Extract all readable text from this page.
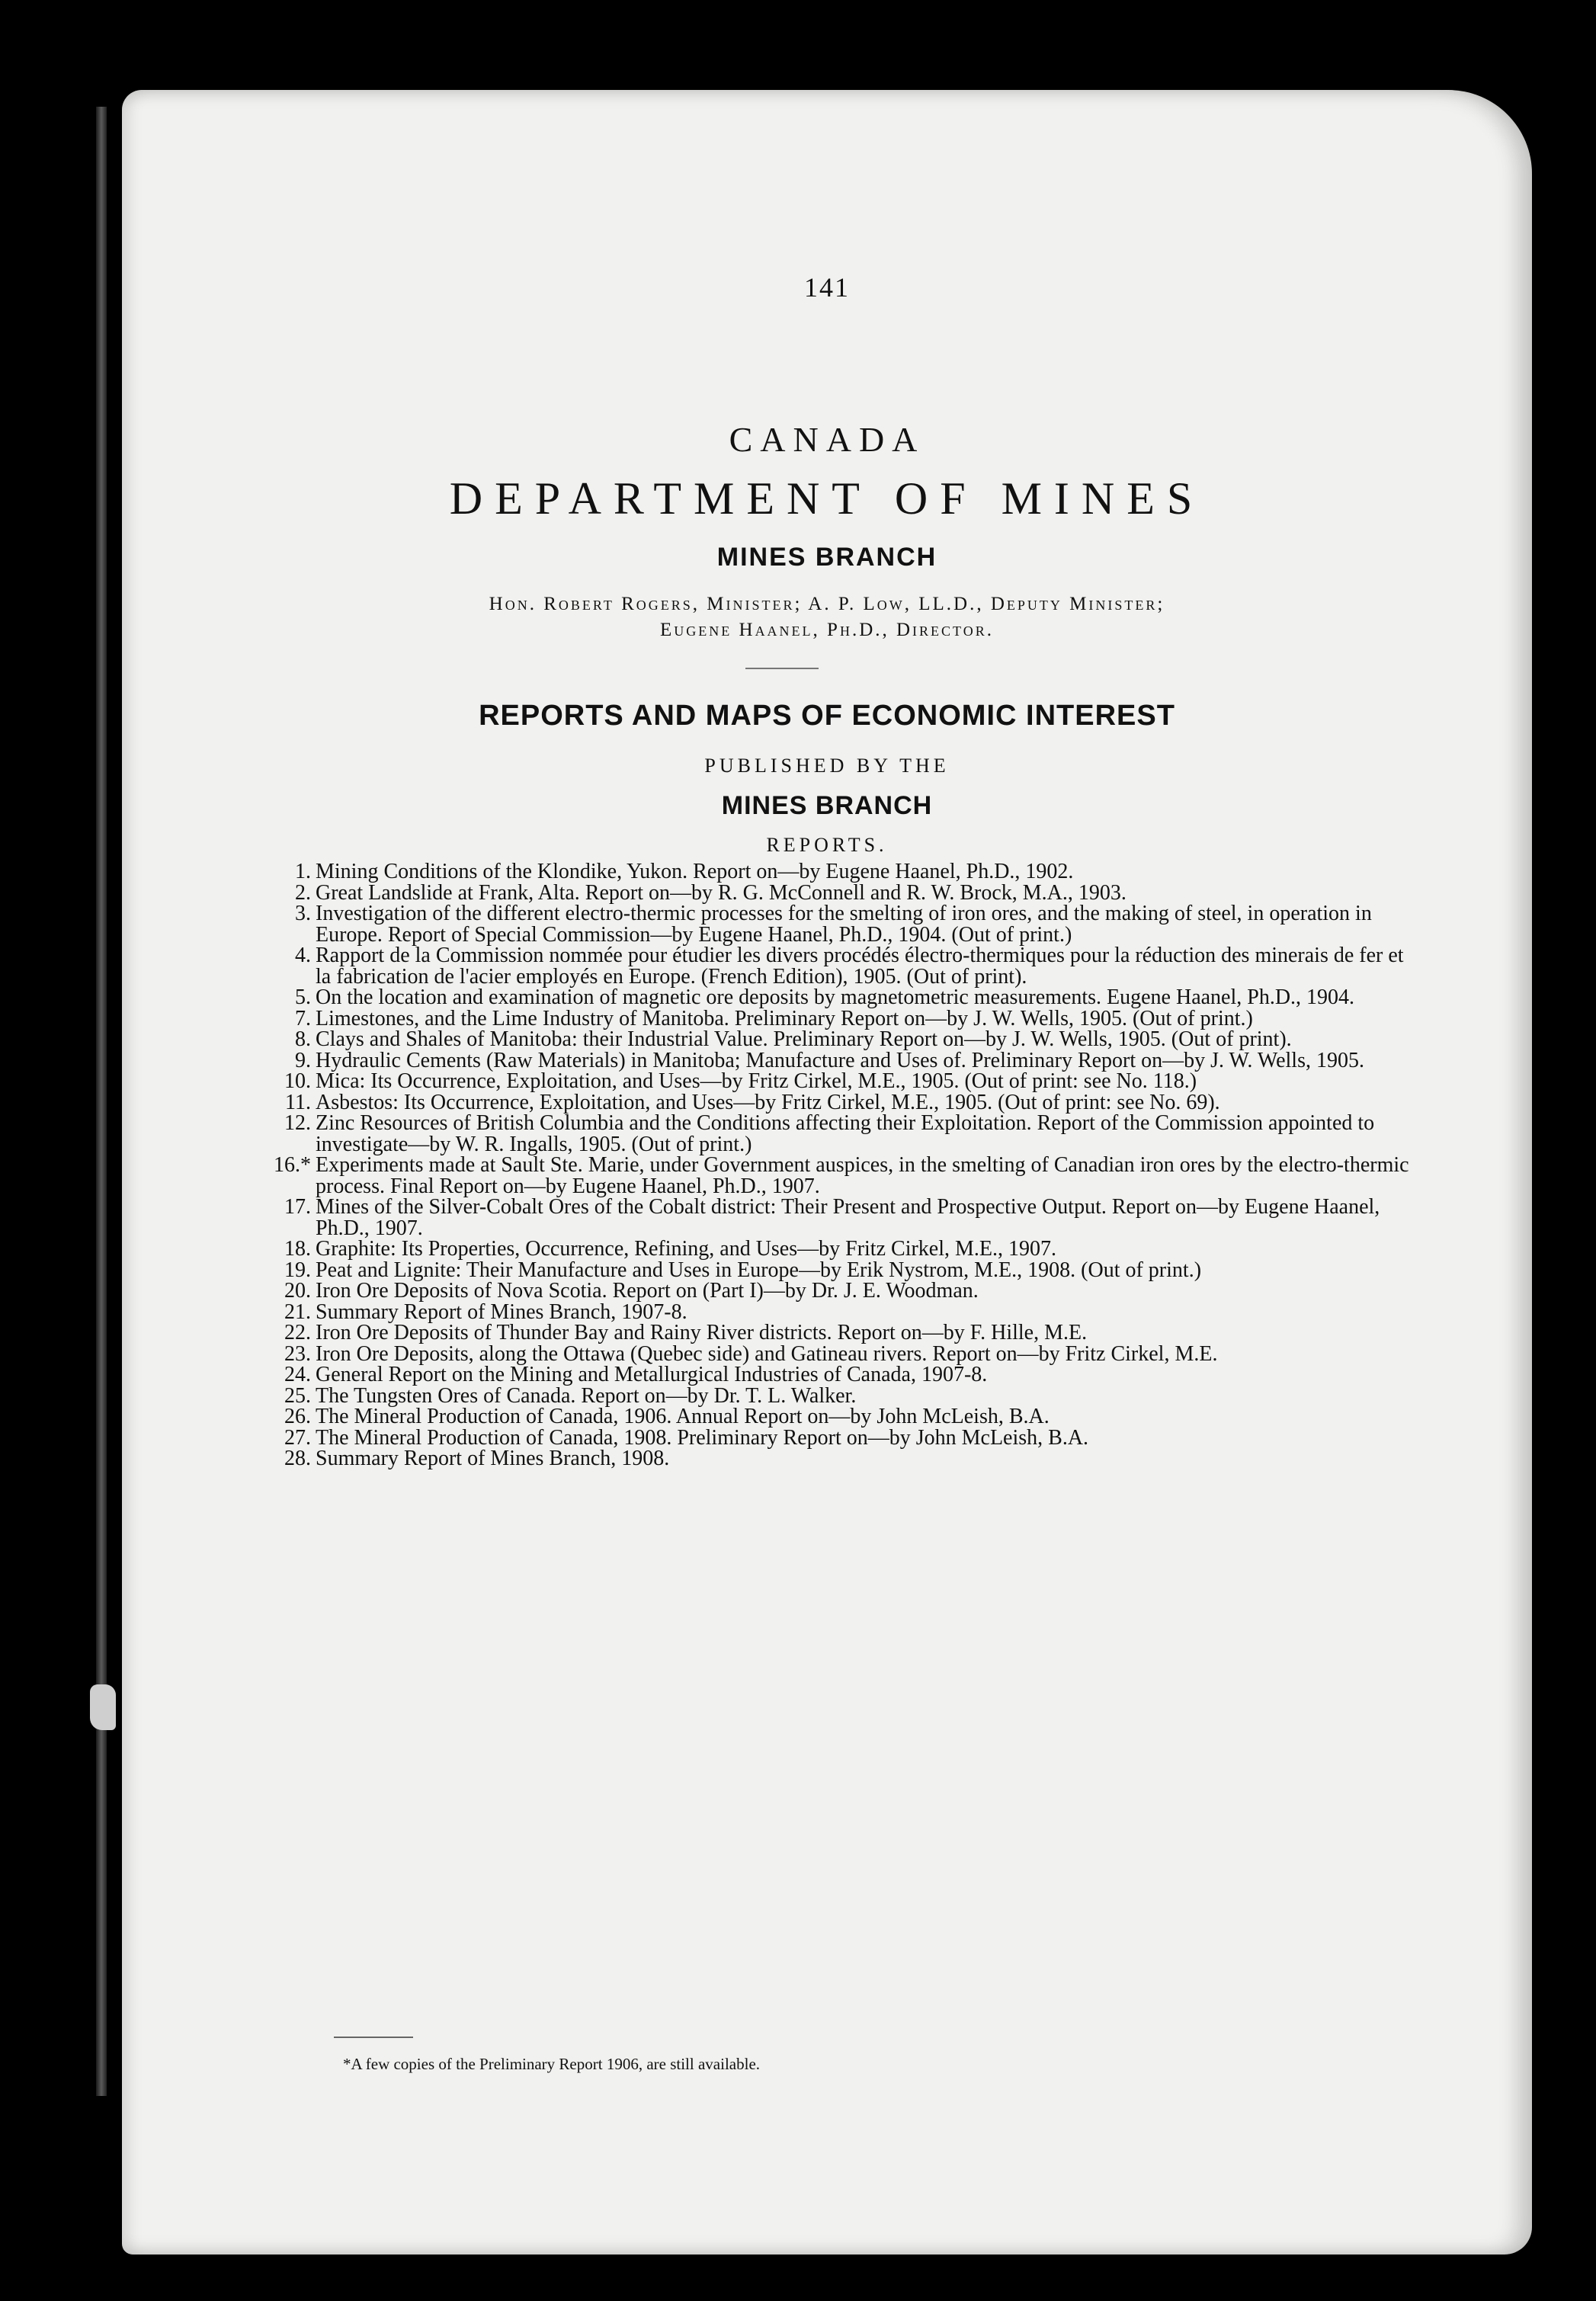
141
CANADA
DEPARTMENT OF MINES
MINES BRANCH
Hon. Robert Rogers, Minister; A. P. Low, LL.D., Deputy Minister;
Eugene Haanel, Ph.D., Director.
REPORTS AND MAPS OF ECONOMIC INTEREST
PUBLISHED BY THE
MINES BRANCH
REPORTS.
1. Mining Conditions of the Klondike, Yukon. Report on—by Eugene Haanel, Ph.D., 1902.
2. Great Landslide at Frank, Alta. Report on—by R. G. McConnell and R. W. Brock, M.A., 1903.
3. Investigation of the different electro-thermic processes for the smelting of iron ores, and the making of steel, in operation in Europe. Report of Special Commission—by Eugene Haanel, Ph.D., 1904. (Out of print.)
4. Rapport de la Commission nommée pour étudier les divers procédés électro-thermiques pour la réduction des minerais de fer et la fabrication de l'acier employés en Europe. (French Edition), 1905. (Out of print).
5. On the location and examination of magnetic ore deposits by magnetometric measurements. Eugene Haanel, Ph.D., 1904.
7. Limestones, and the Lime Industry of Manitoba. Preliminary Report on—by J. W. Wells, 1905. (Out of print.)
8. Clays and Shales of Manitoba: their Industrial Value. Preliminary Report on—by J. W. Wells, 1905. (Out of print).
9. Hydraulic Cements (Raw Materials) in Manitoba; Manufacture and Uses of. Preliminary Report on—by J. W. Wells, 1905.
10. Mica: Its Occurrence, Exploitation, and Uses—by Fritz Cirkel, M.E., 1905. (Out of print: see No. 118.)
11. Asbestos: Its Occurrence, Exploitation, and Uses—by Fritz Cirkel, M.E., 1905. (Out of print: see No. 69).
12. Zinc Resources of British Columbia and the Conditions affecting their Exploitation. Report of the Commission appointed to investigate—by W. R. Ingalls, 1905. (Out of print.)
16.* Experiments made at Sault Ste. Marie, under Government auspices, in the smelting of Canadian iron ores by the electro-thermic process. Final Report on—by Eugene Haanel, Ph.D., 1907.
17. Mines of the Silver-Cobalt Ores of the Cobalt district: Their Present and Prospective Output. Report on—by Eugene Haanel, Ph.D., 1907.
18. Graphite: Its Properties, Occurrence, Refining, and Uses—by Fritz Cirkel, M.E., 1907.
19. Peat and Lignite: Their Manufacture and Uses in Europe—by Erik Nystrom, M.E., 1908. (Out of print.)
20. Iron Ore Deposits of Nova Scotia. Report on (Part I)—by Dr. J. E. Woodman.
21. Summary Report of Mines Branch, 1907-8.
22. Iron Ore Deposits of Thunder Bay and Rainy River districts. Report on—by F. Hille, M.E.
23. Iron Ore Deposits, along the Ottawa (Quebec side) and Gatineau rivers. Report on—by Fritz Cirkel, M.E.
24. General Report on the Mining and Metallurgical Industries of Canada, 1907-8.
25. The Tungsten Ores of Canada. Report on—by Dr. T. L. Walker.
26. The Mineral Production of Canada, 1906. Annual Report on—by John McLeish, B.A.
27. The Mineral Production of Canada, 1908. Preliminary Report on—by John McLeish, B.A.
28. Summary Report of Mines Branch, 1908.
*A few copies of the Preliminary Report 1906, are still available.
